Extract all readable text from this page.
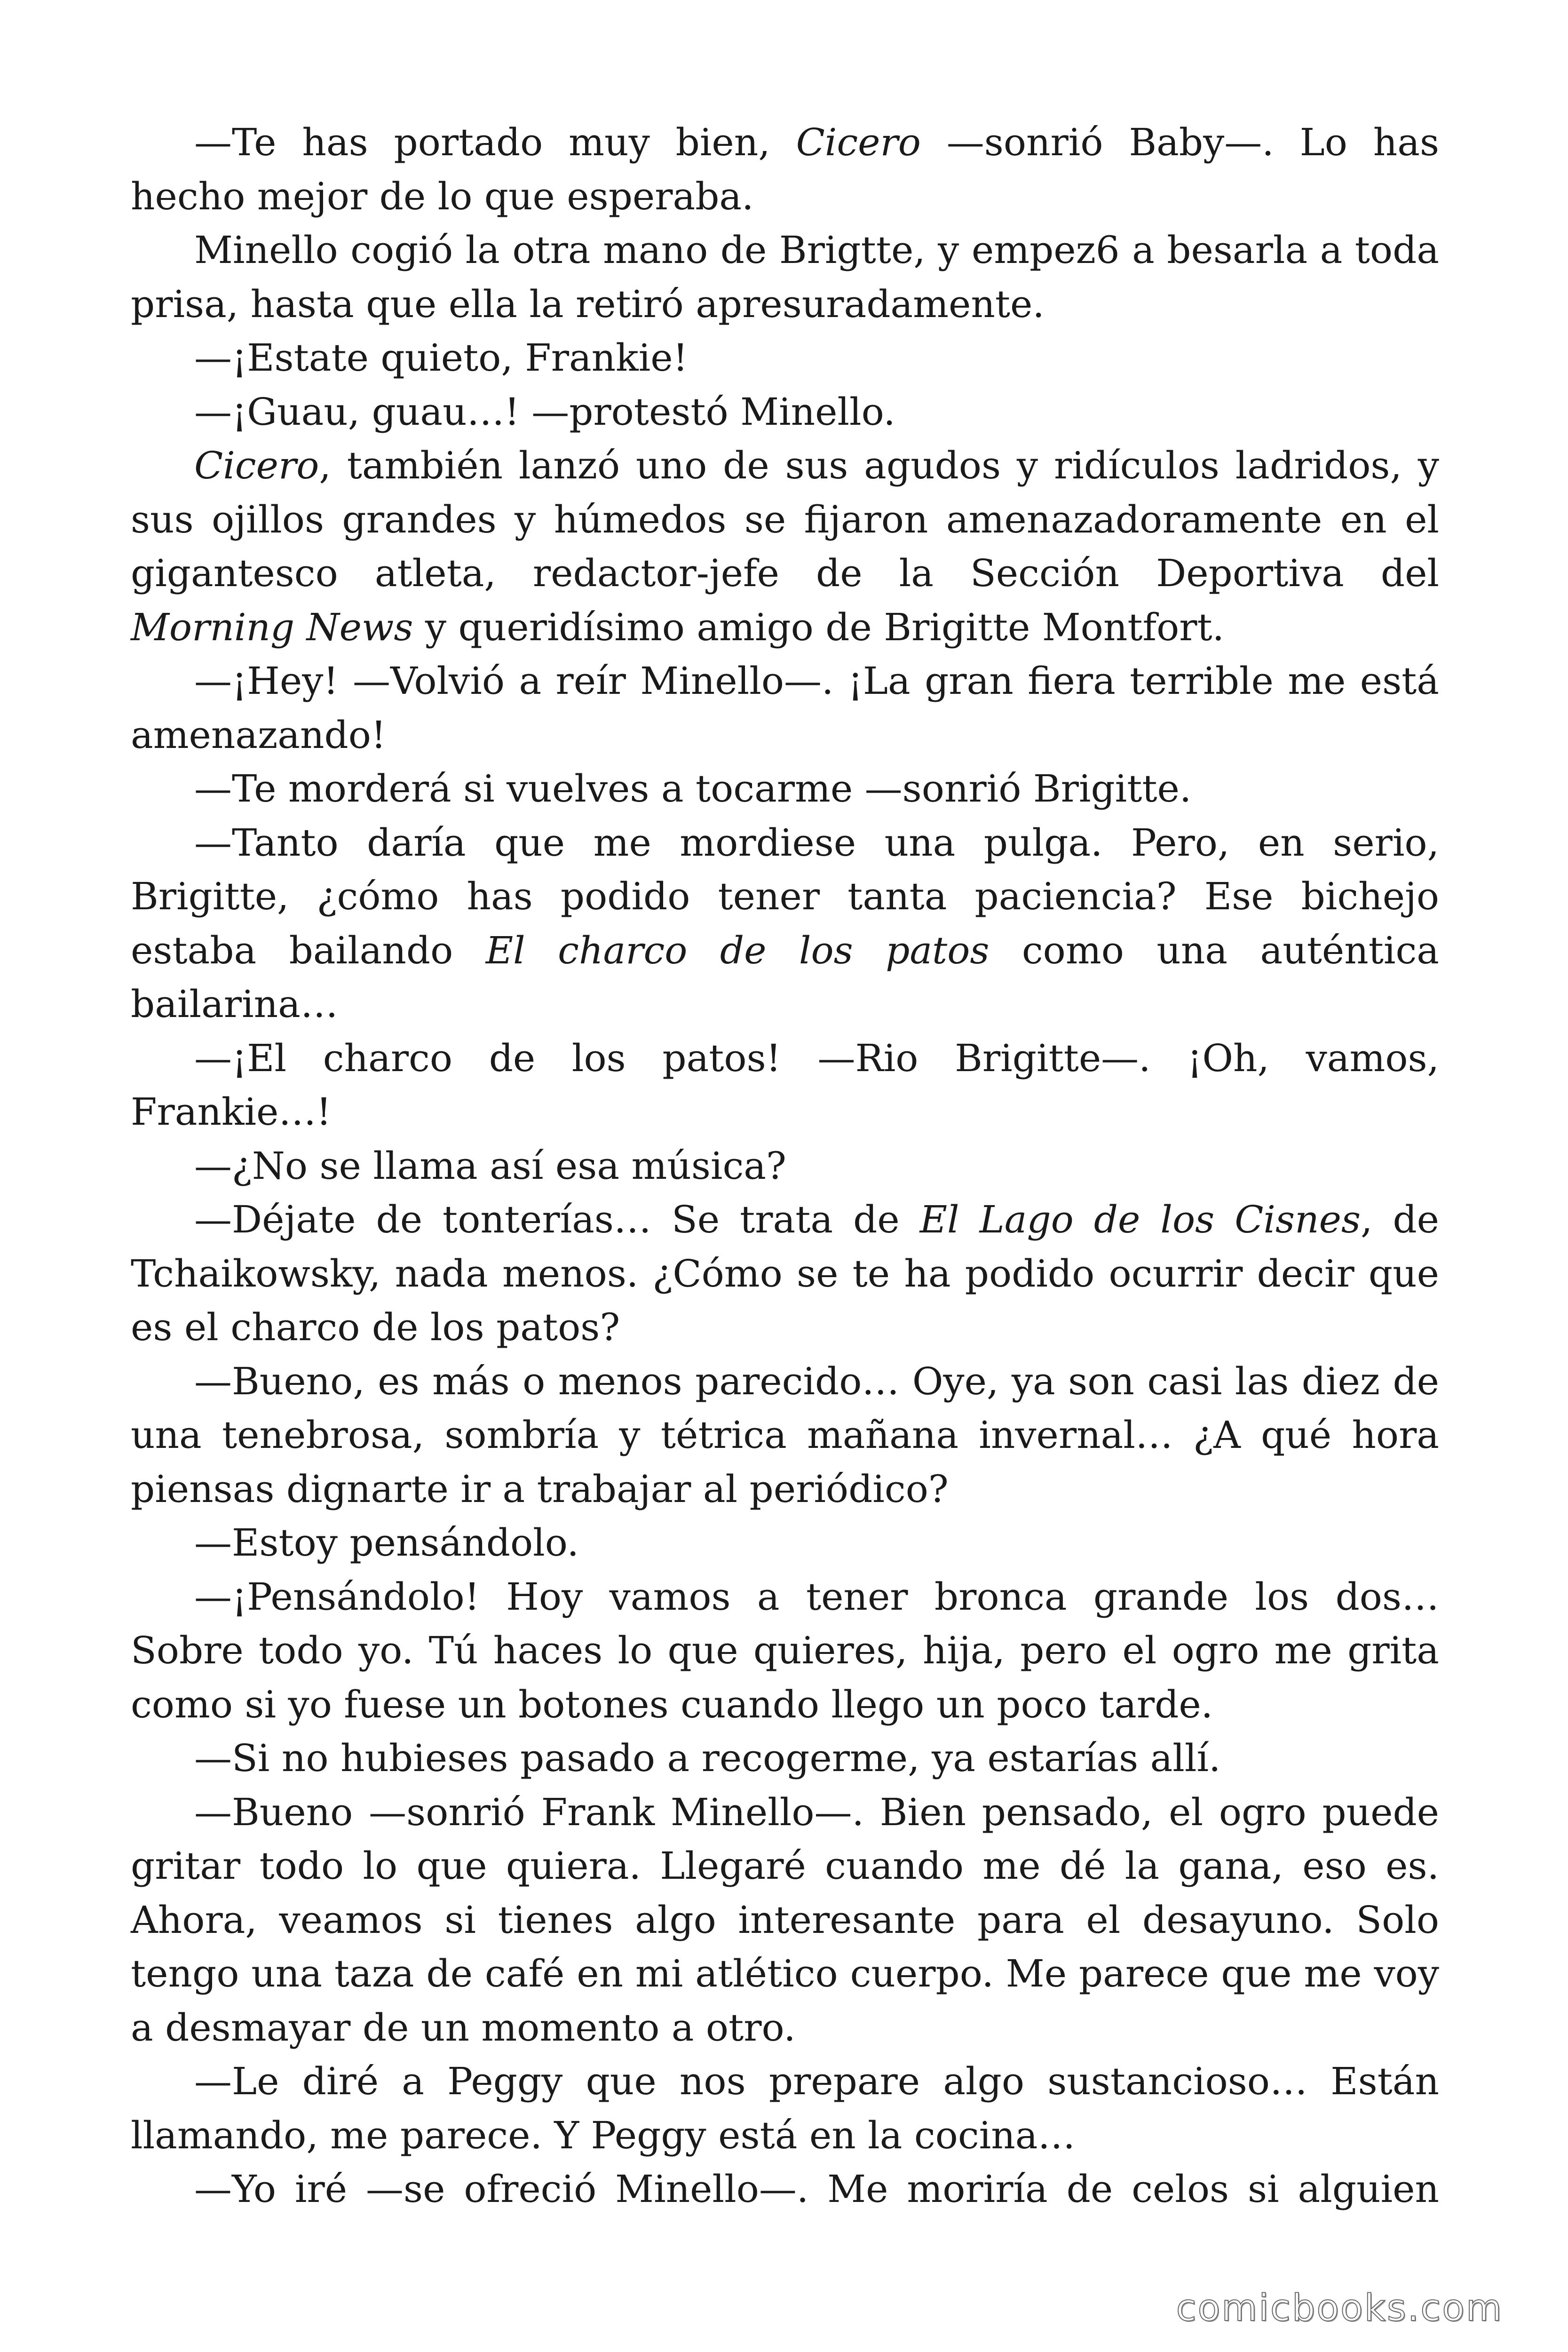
—Te has portado muy bien, Cicero —sonrió Baby—. Lo has hecho mejor de lo que esperaba.

Minello cogió la otra mano de Brigtte, y empez6 a besarla a toda prisa, hasta que ella la retiró apresuradamente.

—¡Estate quieto, Frankie!

—¡Guau, guau…! —protestó Minello.

Cicero, también lanzó uno de sus agudos y ridículos ladridos, y sus ojillos grandes y húmedos se fijaron amenazadoramente en el gigantesco atleta, redactor-jefe de la Sección Deportiva del Morning News y queridísimo amigo de Brigitte Montfort.

—¡Hey! —Volvió a reír Minello—. ¡La gran fiera terrible me está amenazando!

—Te morderá si vuelves a tocarme —sonrió Brigitte.

—Tanto daría que me mordiese una pulga. Pero, en serio, Brigitte, ¿cómo has podido tener tanta paciencia? Ese bichejo estaba bailando El charco de los patos como una auténtica bailarina…

—¡El charco de los patos! —Rio Brigitte—. ¡Oh, vamos, Frankie…!

—¿No se llama así esa música?

—Déjate de tonterías… Se trata de El Lago de los Cisnes, de Tchaikowsky, nada menos. ¿Cómo se te ha podido ocurrir decir que es el charco de los patos?

—Bueno, es más o menos parecido… Oye, ya son casi las diez de una tenebrosa, sombría y tétrica mañana invernal… ¿A qué hora piensas dignarte ir a trabajar al periódico?

—Estoy pensándolo.

—¡Pensándolo! Hoy vamos a tener bronca grande los dos… Sobre todo yo. Tú haces lo que quieres, hija, pero el ogro me grita como si yo fuese un botones cuando llego un poco tarde.

—Si no hubieses pasado a recogerme, ya estarías allí.

—Bueno —sonrió Frank Minello—. Bien pensado, el ogro puede gritar todo lo que quiera. Llegaré cuando me dé la gana, eso es. Ahora, veamos si tienes algo interesante para el desayuno. Solo tengo una taza de café en mi atlético cuerpo. Me parece que me voy a desmayar de un momento a otro.

—Le diré a Peggy que nos prepare algo sustancioso… Están llamando, me parece. Y Peggy está en la cocina…

—Yo iré —se ofreció Minello—. Me moriría de celos si alguien

comicbooks.com
